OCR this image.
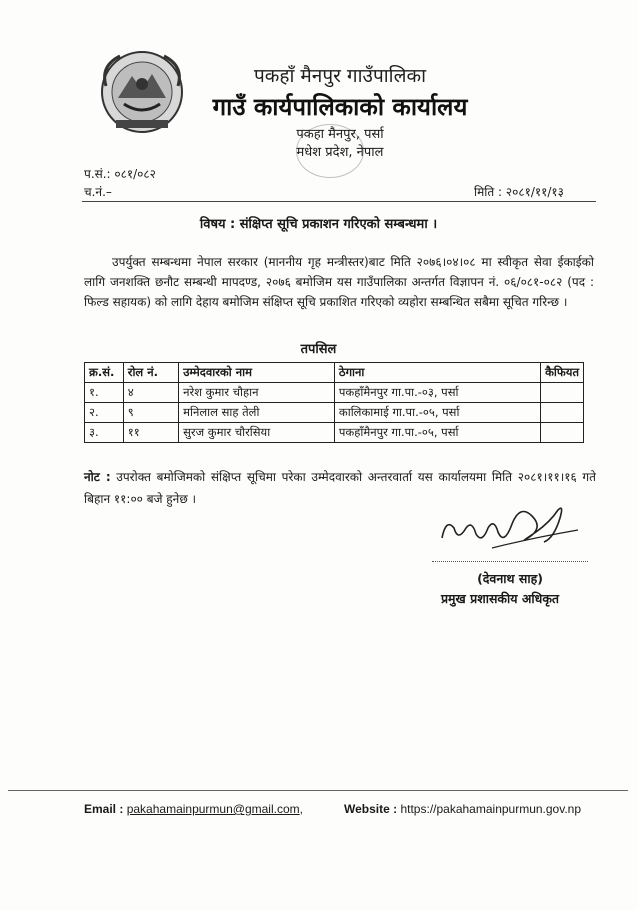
पकहाँ मैनपुर गाउँपालिका
गाउँ कार्यपालिकाको कार्यालय
पकहा मैनपुर, पर्सा
मधेश प्रदेश, नेपाल
प.सं.: ०८१/०८२
च.नं.–	मिति : २०८१/११/१३
विषय : संक्षिप्त सूचि प्रकाशन गरिएको सम्बन्धमा ।

उपर्युक्त सम्बन्धमा नेपाल सरकार (माननीय गृह मन्त्रीस्तर)बाट मिति २०७६।०४।०८ मा स्वीकृत सेवा ईकाईको लागि जनशक्ति छनौट सम्बन्धी मापदण्ड, २०७६ बमोजिम यस गाउँपालिका अन्तर्गत विज्ञापन नं. ०६/०८१-०८२ (पद : फिल्ड सहायक) को लागि देहाय बमोजिम संक्षिप्त सूचि प्रकाशित गरिएको व्यहोरा सम्बन्धित सबैमा सूचित गरिन्छ ।

तपसिल
क्र.सं.	रोल नं.	उम्मेदवारको नाम	ठेगाना	कैफियत
१.	४	नरेश कुमार चौहान	पकहाँमैनपुर गा.पा.-०३, पर्सा	
२.	९	मनिलाल साह तेली	कालिकामाई गा.पा.-०५, पर्सा	
३.	११	सुरज कुमार चौरसिया	पकहाँमैनपुर गा.पा.-०५, पर्सा	
नोट : उपरोक्त बमोजिमको संक्षिप्त सूचिमा परेका उम्मेदवारको अन्तरवार्ता यस कार्यालयमा मिति २०८१।११।१६ गते बिहान ११:०० बजे हुनेछ ।
(देवनाथ साह)
प्रमुख प्रशासकीय अधिकृत
Email : pakahamainpurmun@gmail.com,	Website : https://pakahamainpurmun.gov.np
